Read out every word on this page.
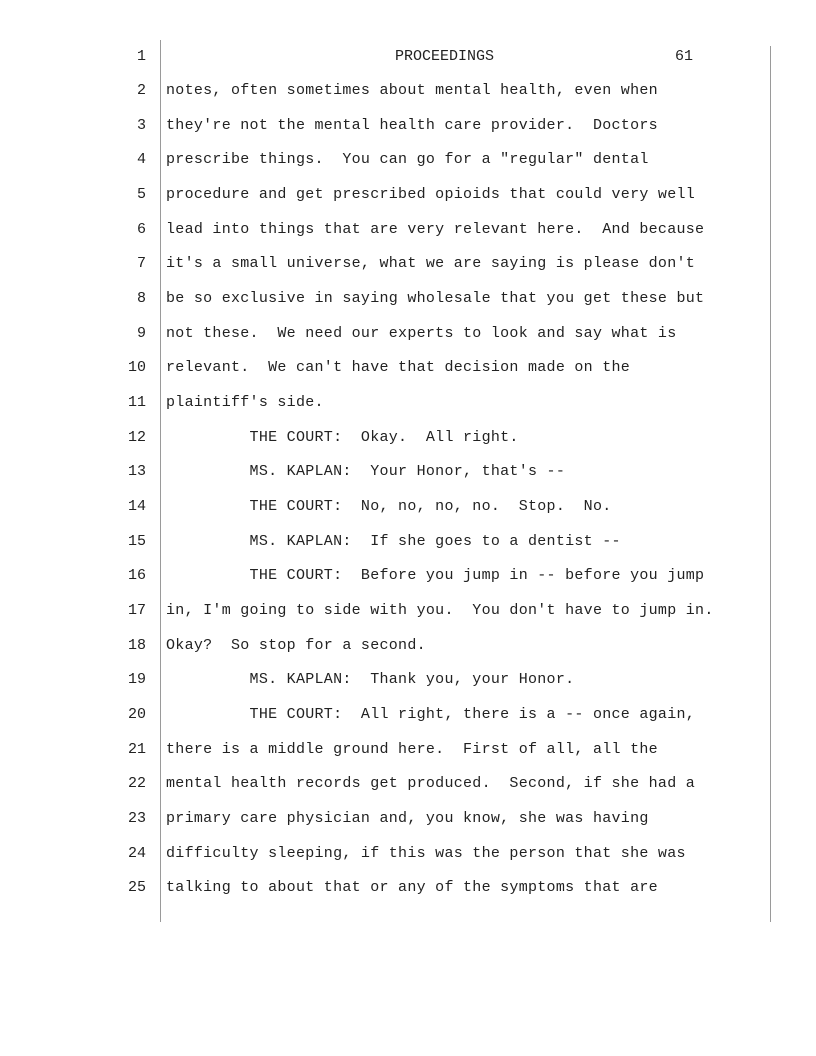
1	PROCEEDINGS	61
2 notes, often sometimes about mental health, even when
3 they're not the mental health care provider.  Doctors
4 prescribe things.  You can go for a "regular" dental
5 procedure and get prescribed opioids that could very well
6 lead into things that are very relevant here.  And because
7 it's a small universe, what we are saying is please don't
8 be so exclusive in saying wholesale that you get these but
9 not these.  We need our experts to look and say what is
10 relevant.  We can't have that decision made on the
11 plaintiff's side.
12 THE COURT:  Okay.  All right.
13 MS. KAPLAN:  Your Honor, that's --
14 THE COURT:  No, no, no, no.  Stop.  No.
15 MS. KAPLAN:  If she goes to a dentist --
16 THE COURT:  Before you jump in -- before you jump
17 in, I'm going to side with you.  You don't have to jump in.
18 Okay?  So stop for a second.
19 MS. KAPLAN:  Thank you, your Honor.
20 THE COURT:  All right, there is a -- once again,
21 there is a middle ground here.  First of all, all the
22 mental health records get produced.  Second, if she had a
23 primary care physician and, you know, she was having
24 difficulty sleeping, if this was the person that she was
25 talking to about that or any of the symptoms that are
